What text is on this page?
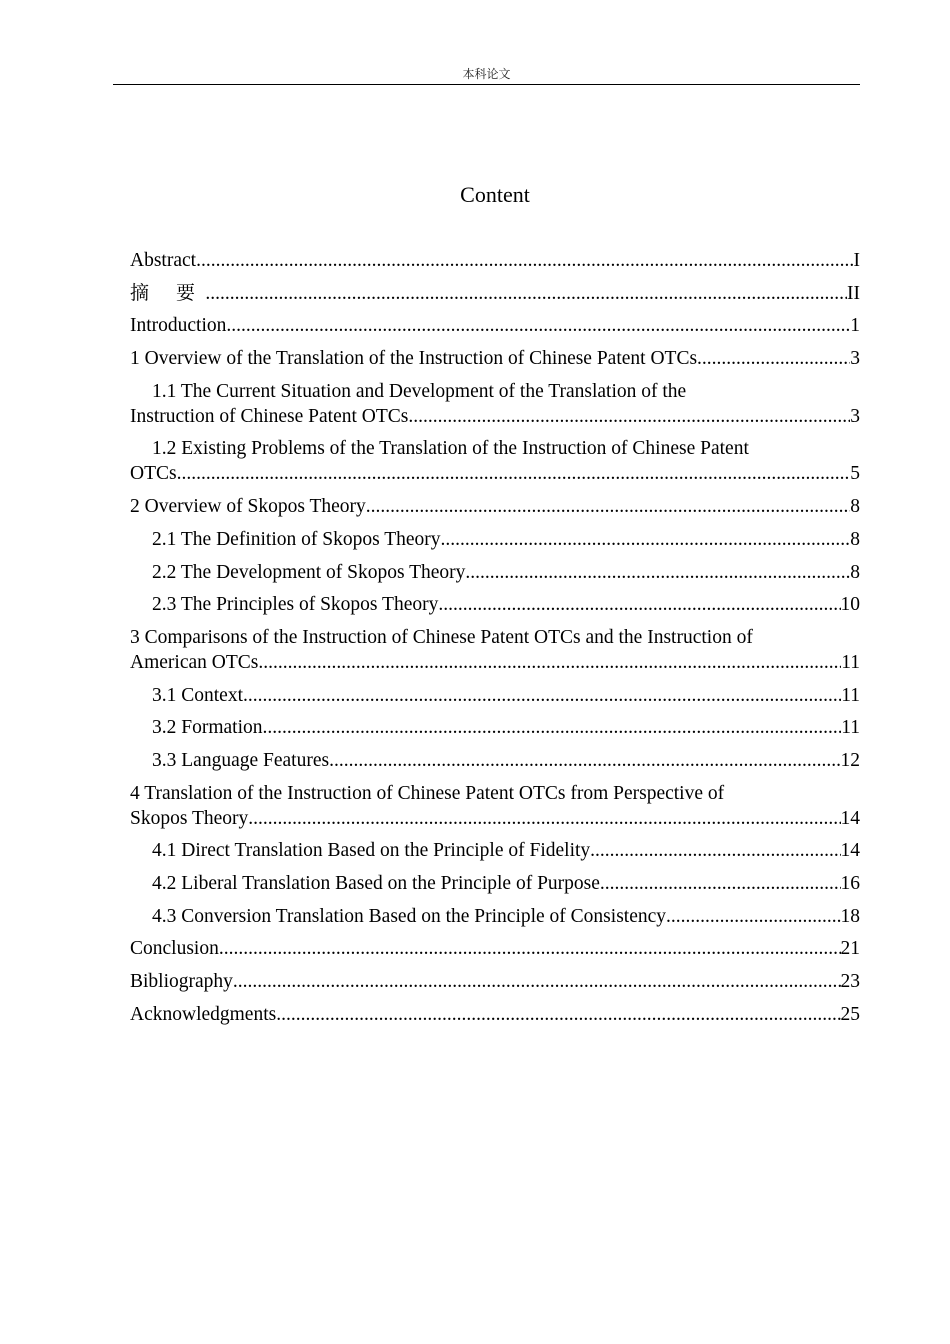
本科论文
Content
Abstract .....	I
摘 要 .....	II
Introduction .....	1
1 Overview of the Translation of the Instruction of Chinese Patent OTCs .....	3
1.1 The Current Situation and Development of the Translation of the
Instruction of Chinese Patent OTCs .....	3
1.2 Existing Problems of the Translation of the Instruction of Chinese Patent
OTCs .....	5
2 Overview of Skopos Theory .....	8
2.1 The Definition of Skopos Theory .....	8
2.2 The Development of Skopos Theory .....	8
2.3 The Principles of Skopos Theory .....	10
3 Comparisons of the Instruction of Chinese Patent OTCs and the Instruction of
American OTCs .....	11
3.1 Context .....	11
3.2 Formation .....	11
3.3 Language Features .....	12
4 Translation of the Instruction of Chinese Patent OTCs from Perspective of
Skopos Theory .....	14
4.1 Direct Translation Based on the Principle of Fidelity .....	14
4.2 Liberal Translation Based on the Principle of Purpose .....	16
4.3 Conversion Translation Based on the Principle of Consistency .....	18
Conclusion .....	21
Bibliography .....	23
Acknowledgments .....	25
